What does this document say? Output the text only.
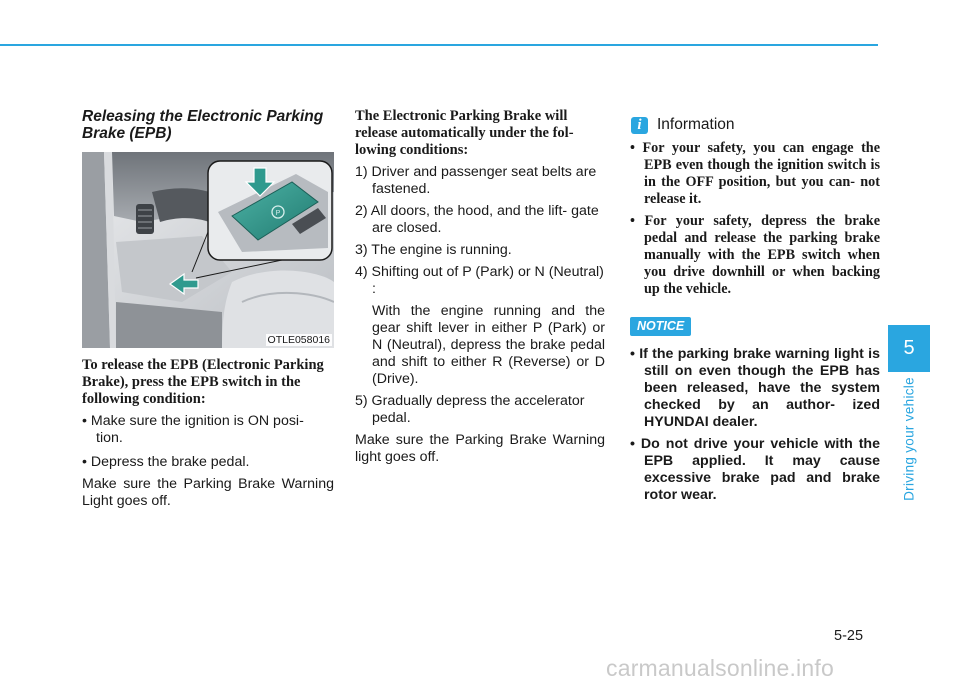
Releasing the Electronic Parking Brake (EPB)
P
OTLE058016
To release the EPB (Electronic Parking Brake), press the EPB switch in the following condition:
• Make sure the ignition is ON posi- tion.
• Depress the brake pedal.
Make sure the Parking Brake Warning Light goes off.
The Electronic Parking Brake will release automatically under the fol- lowing conditions:
1) Driver and passenger seat belts are fastened.
2) All doors, the hood, and the lift- gate are closed.
3) The engine is running.
4) Shifting out of P (Park) or N (Neutral) :
With the engine running and the gear shift lever in either P (Park) or N (Neutral), depress the brake pedal and shift to either R (Reverse) or D (Drive).
5) Gradually depress the accelerator pedal.
Make sure the Parking Brake Warning light goes off.
i Information
• For your safety, you can engage the EPB even though the ignition switch is in the OFF position, but you can- not release it.
• For your safety, depress the brake pedal and release the parking brake manually with the EPB switch when you drive downhill or when backing up the vehicle.
NOTICE
• If the parking brake warning light is still on even though the EPB has been released, have the system checked by an author- ized HYUNDAI dealer.
• Do not drive your vehicle with the EPB applied. It may cause excessive brake pad and brake rotor wear.
5
Driving your vehicle
5-25
carmanualsonline.info
